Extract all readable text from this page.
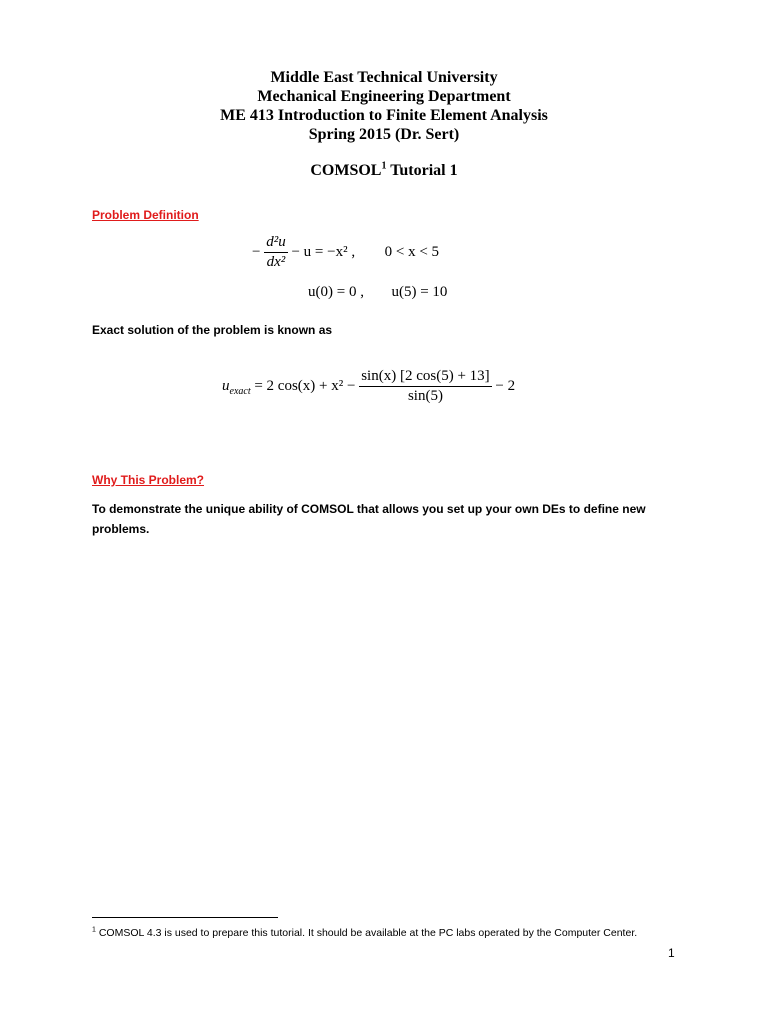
Middle East Technical University
Mechanical Engineering Department
ME 413 Introduction to Finite Element Analysis
Spring 2015 (Dr. Sert)
COMSOL$^1$ Tutorial 1
Problem Definition
− $\frac{\text{d²u}}{\text{dx²}} - u = -x^2$ , 0 < x < 5
u(0) = 0 , u(5) = 10
Exact solution of the problem is known as
$u_{exact} = 2$ $\cos(x) + x^2 - \frac{\sin(x) [2 \cos(5) + 13]}{\sin(5)} - 2$
Why This Problem?
To demonstrate the unique ability of COMSOL that allows you set up your own DEs to define new problems.
$^1$ COMSOL 4.3 is used to prepare this tutorial. It should be available at the PC labs operated by the Computer Center.
1
